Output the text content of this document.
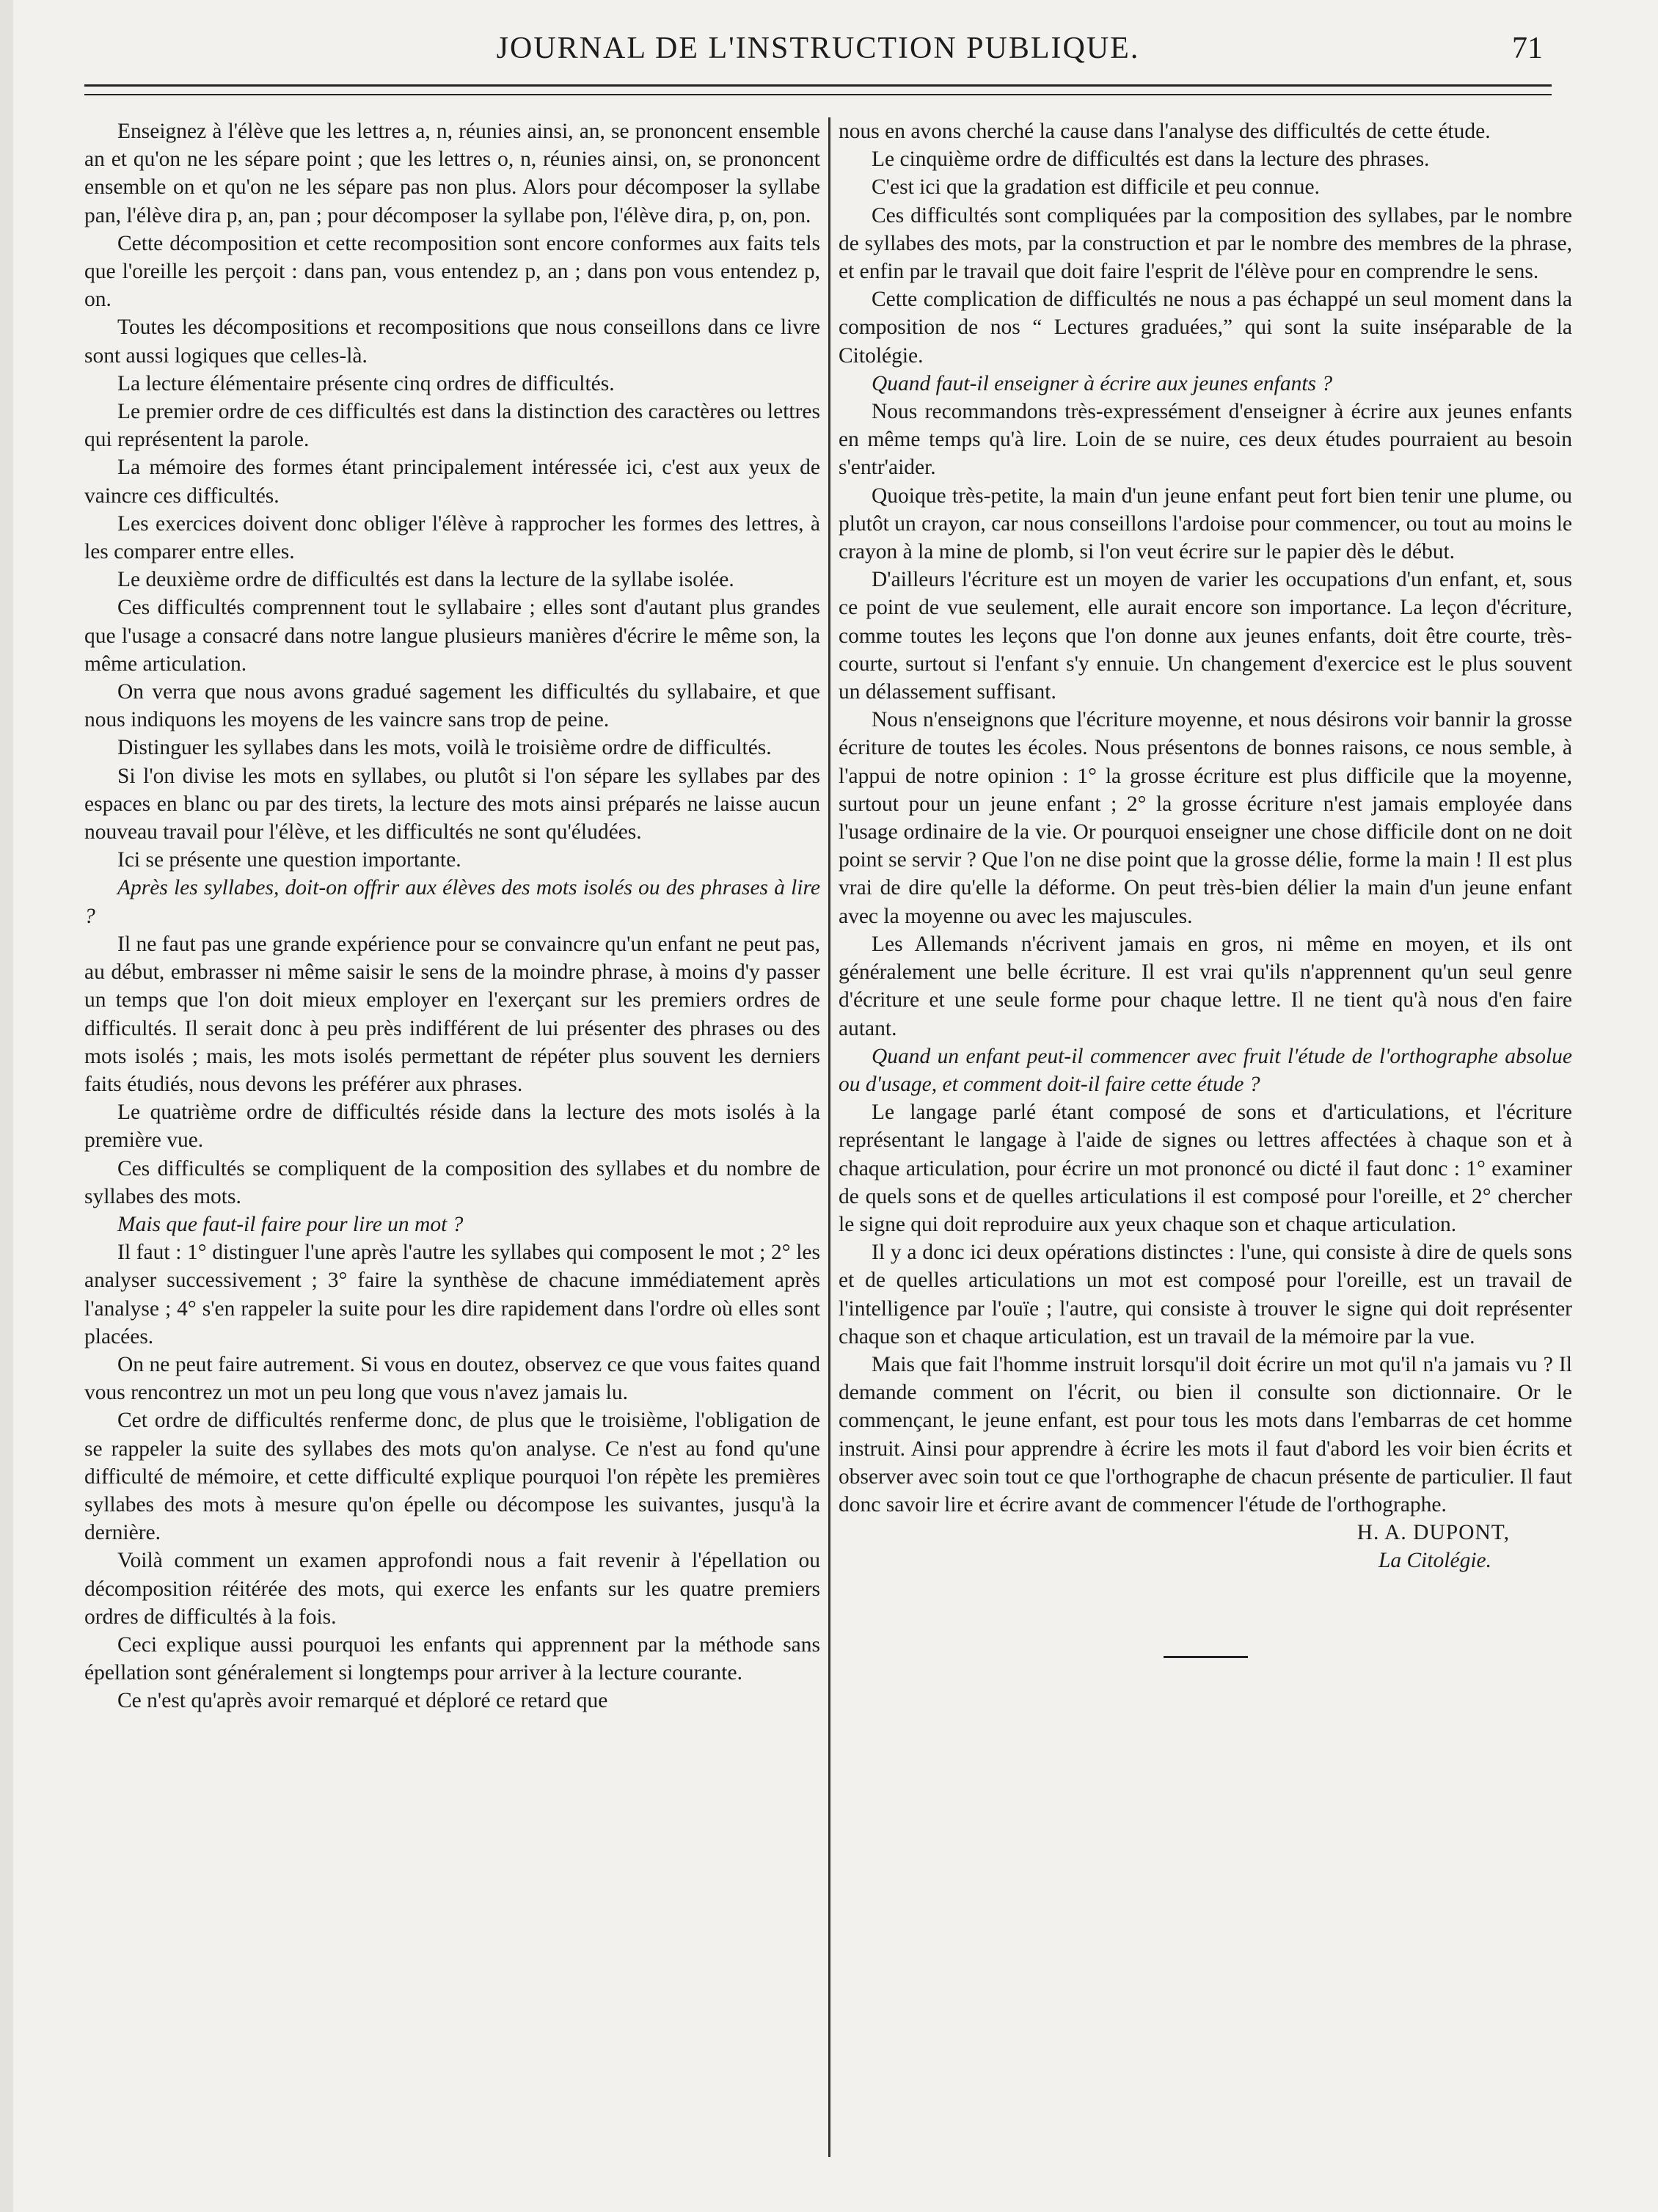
JOURNAL DE L'INSTRUCTION PUBLIQUE.	71

Enseignez à l'élève que les lettres a, n, réunies ainsi, an, se prononcent ensemble an et qu'on ne les sépare point ; que les lettres o, n, réunies ainsi, on, se prononcent ensemble on et qu'on ne les sépare pas non plus. Alors pour décomposer la syllabe pan, l'élève dira p, an, pan ; pour décomposer la syllabe pon, l'élève dira, p, on, pon.

Cette décomposition et cette recomposition sont encore conformes aux faits tels que l'oreille les perçoit : dans pan, vous entendez p, an ; dans pon vous entendez p, on.

Toutes les décompositions et recompositions que nous conseillons dans ce livre sont aussi logiques que celles-là.

La lecture élémentaire présente cinq ordres de difficultés.

Le premier ordre de ces difficultés est dans la distinction des caractères ou lettres qui représentent la parole.

La mémoire des formes étant principalement intéressée ici, c'est aux yeux de vaincre ces difficultés.

Les exercices doivent donc obliger l'élève à rapprocher les formes des lettres, à les comparer entre elles.

Le deuxième ordre de difficultés est dans la lecture de la syllabe isolée.

Ces difficultés comprennent tout le syllabaire ; elles sont d'autant plus grandes que l'usage a consacré dans notre langue plusieurs manières d'écrire le même son, la même articulation.

On verra que nous avons gradué sagement les difficultés du syllabaire, et que nous indiquons les moyens de les vaincre sans trop de peine.

Distinguer les syllabes dans les mots, voilà le troisième ordre de difficultés.

Si l'on divise les mots en syllabes, ou plutôt si l'on sépare les syllabes par des espaces en blanc ou par des tirets, la lecture des mots ainsi préparés ne laisse aucun nouveau travail pour l'élève, et les difficultés ne sont qu'éludées.

Ici se présente une question importante.

Après les syllabes, doit-on offrir aux élèves des mots isolés ou des phrases à lire ?

Il ne faut pas une grande expérience pour se convaincre qu'un enfant ne peut pas, au début, embrasser ni même saisir le sens de la moindre phrase, à moins d'y passer un temps que l'on doit mieux employer en l'exerçant sur les premiers ordres de difficultés. Il serait donc à peu près indifférent de lui présenter des phrases ou des mots isolés ; mais, les mots isolés permettant de répéter plus souvent les derniers faits étudiés, nous devons les préférer aux phrases.

Le quatrième ordre de difficultés réside dans la lecture des mots isolés à la première vue.

Ces difficultés se compliquent de la composition des syllabes et du nombre de syllabes des mots.

Mais que faut-il faire pour lire un mot ?

Il faut : 1° distinguer l'une après l'autre les syllabes qui composent le mot ; 2° les analyser successivement ; 3° faire la synthèse de chacune immédiatement après l'analyse ; 4° s'en rappeler la suite pour les dire rapidement dans l'ordre où elles sont placées.

On ne peut faire autrement. Si vous en doutez, observez ce que vous faites quand vous rencontrez un mot un peu long que vous n'avez jamais lu.

Cet ordre de difficultés renferme donc, de plus que le troisième, l'obligation de se rappeler la suite des syllabes des mots qu'on analyse. Ce n'est au fond qu'une difficulté de mémoire, et cette difficulté explique pourquoi l'on répète les premières syllabes des mots à mesure qu'on épelle ou décompose les suivantes, jusqu'à la dernière.

Voilà comment un examen approfondi nous a fait revenir à l'épellation ou décomposition réitérée des mots, qui exerce les enfants sur les quatre premiers ordres de difficultés à la fois.

Ceci explique aussi pourquoi les enfants qui apprennent par la méthode sans épellation sont généralement si longtemps pour arriver à la lecture courante.

Ce n'est qu'après avoir remarqué et déploré ce retard que

nous en avons cherché la cause dans l'analyse des difficultés de cette étude.

Le cinquième ordre de difficultés est dans la lecture des phrases.

C'est ici que la gradation est difficile et peu connue.

Ces difficultés sont compliquées par la composition des syllabes, par le nombre de syllabes des mots, par la construction et par le nombre des membres de la phrase, et enfin par le travail que doit faire l'esprit de l'élève pour en comprendre le sens.

Cette complication de difficultés ne nous a pas échappé un seul moment dans la composition de nos “ Lectures graduées,” qui sont la suite inséparable de la Citolégie.

Quand faut-il enseigner à écrire aux jeunes enfants ?

Nous recommandons très-expressément d'enseigner à écrire aux jeunes enfants en même temps qu'à lire. Loin de se nuire, ces deux études pourraient au besoin s'entr'aider.

Quoique très-petite, la main d'un jeune enfant peut fort bien tenir une plume, ou plutôt un crayon, car nous conseillons l'ardoise pour commencer, ou tout au moins le crayon à la mine de plomb, si l'on veut écrire sur le papier dès le début.

D'ailleurs l'écriture est un moyen de varier les occupations d'un enfant, et, sous ce point de vue seulement, elle aurait encore son importance. La leçon d'écriture, comme toutes les leçons que l'on donne aux jeunes enfants, doit être courte, très-courte, surtout si l'enfant s'y ennuie. Un changement d'exercice est le plus souvent un délassement suffisant.

Nous n'enseignons que l'écriture moyenne, et nous désirons voir bannir la grosse écriture de toutes les écoles. Nous présentons de bonnes raisons, ce nous semble, à l'appui de notre opinion : 1° la grosse écriture est plus difficile que la moyenne, surtout pour un jeune enfant ; 2° la grosse écriture n'est jamais employée dans l'usage ordinaire de la vie. Or pourquoi enseigner une chose difficile dont on ne doit point se servir ? Que l'on ne dise point que la grosse délie, forme la main ! Il est plus vrai de dire qu'elle la déforme. On peut très-bien délier la main d'un jeune enfant avec la moyenne ou avec les majuscules.

Les Allemands n'écrivent jamais en gros, ni même en moyen, et ils ont généralement une belle écriture. Il est vrai qu'ils n'apprennent qu'un seul genre d'écriture et une seule forme pour chaque lettre. Il ne tient qu'à nous d'en faire autant.

Quand un enfant peut-il commencer avec fruit l'étude de l'orthographe absolue ou d'usage, et comment doit-il faire cette étude ?

Le langage parlé étant composé de sons et d'articulations, et l'écriture représentant le langage à l'aide de signes ou lettres affectées à chaque son et à chaque articulation, pour écrire un mot prononcé ou dicté il faut donc : 1° examiner de quels sons et de quelles articulations il est composé pour l'oreille, et 2° chercher le signe qui doit reproduire aux yeux chaque son et chaque articulation.

Il y a donc ici deux opérations distinctes : l'une, qui consiste à dire de quels sons et de quelles articulations un mot est composé pour l'oreille, est un travail de l'intelligence par l'ouïe ; l'autre, qui consiste à trouver le signe qui doit représenter chaque son et chaque articulation, est un travail de la mémoire par la vue.

Mais que fait l'homme instruit lorsqu'il doit écrire un mot qu'il n'a jamais vu ? Il demande comment on l'écrit, ou bien il consulte son dictionnaire. Or le commençant, le jeune enfant, est pour tous les mots dans l'embarras de cet homme instruit. Ainsi pour apprendre à écrire les mots il faut d'abord les voir bien écrits et observer avec soin tout ce que l'orthographe de chacun présente de particulier. Il faut donc savoir lire et écrire avant de commencer l'étude de l'orthographe.

H. A. DUPONT,

La Citolégie.
